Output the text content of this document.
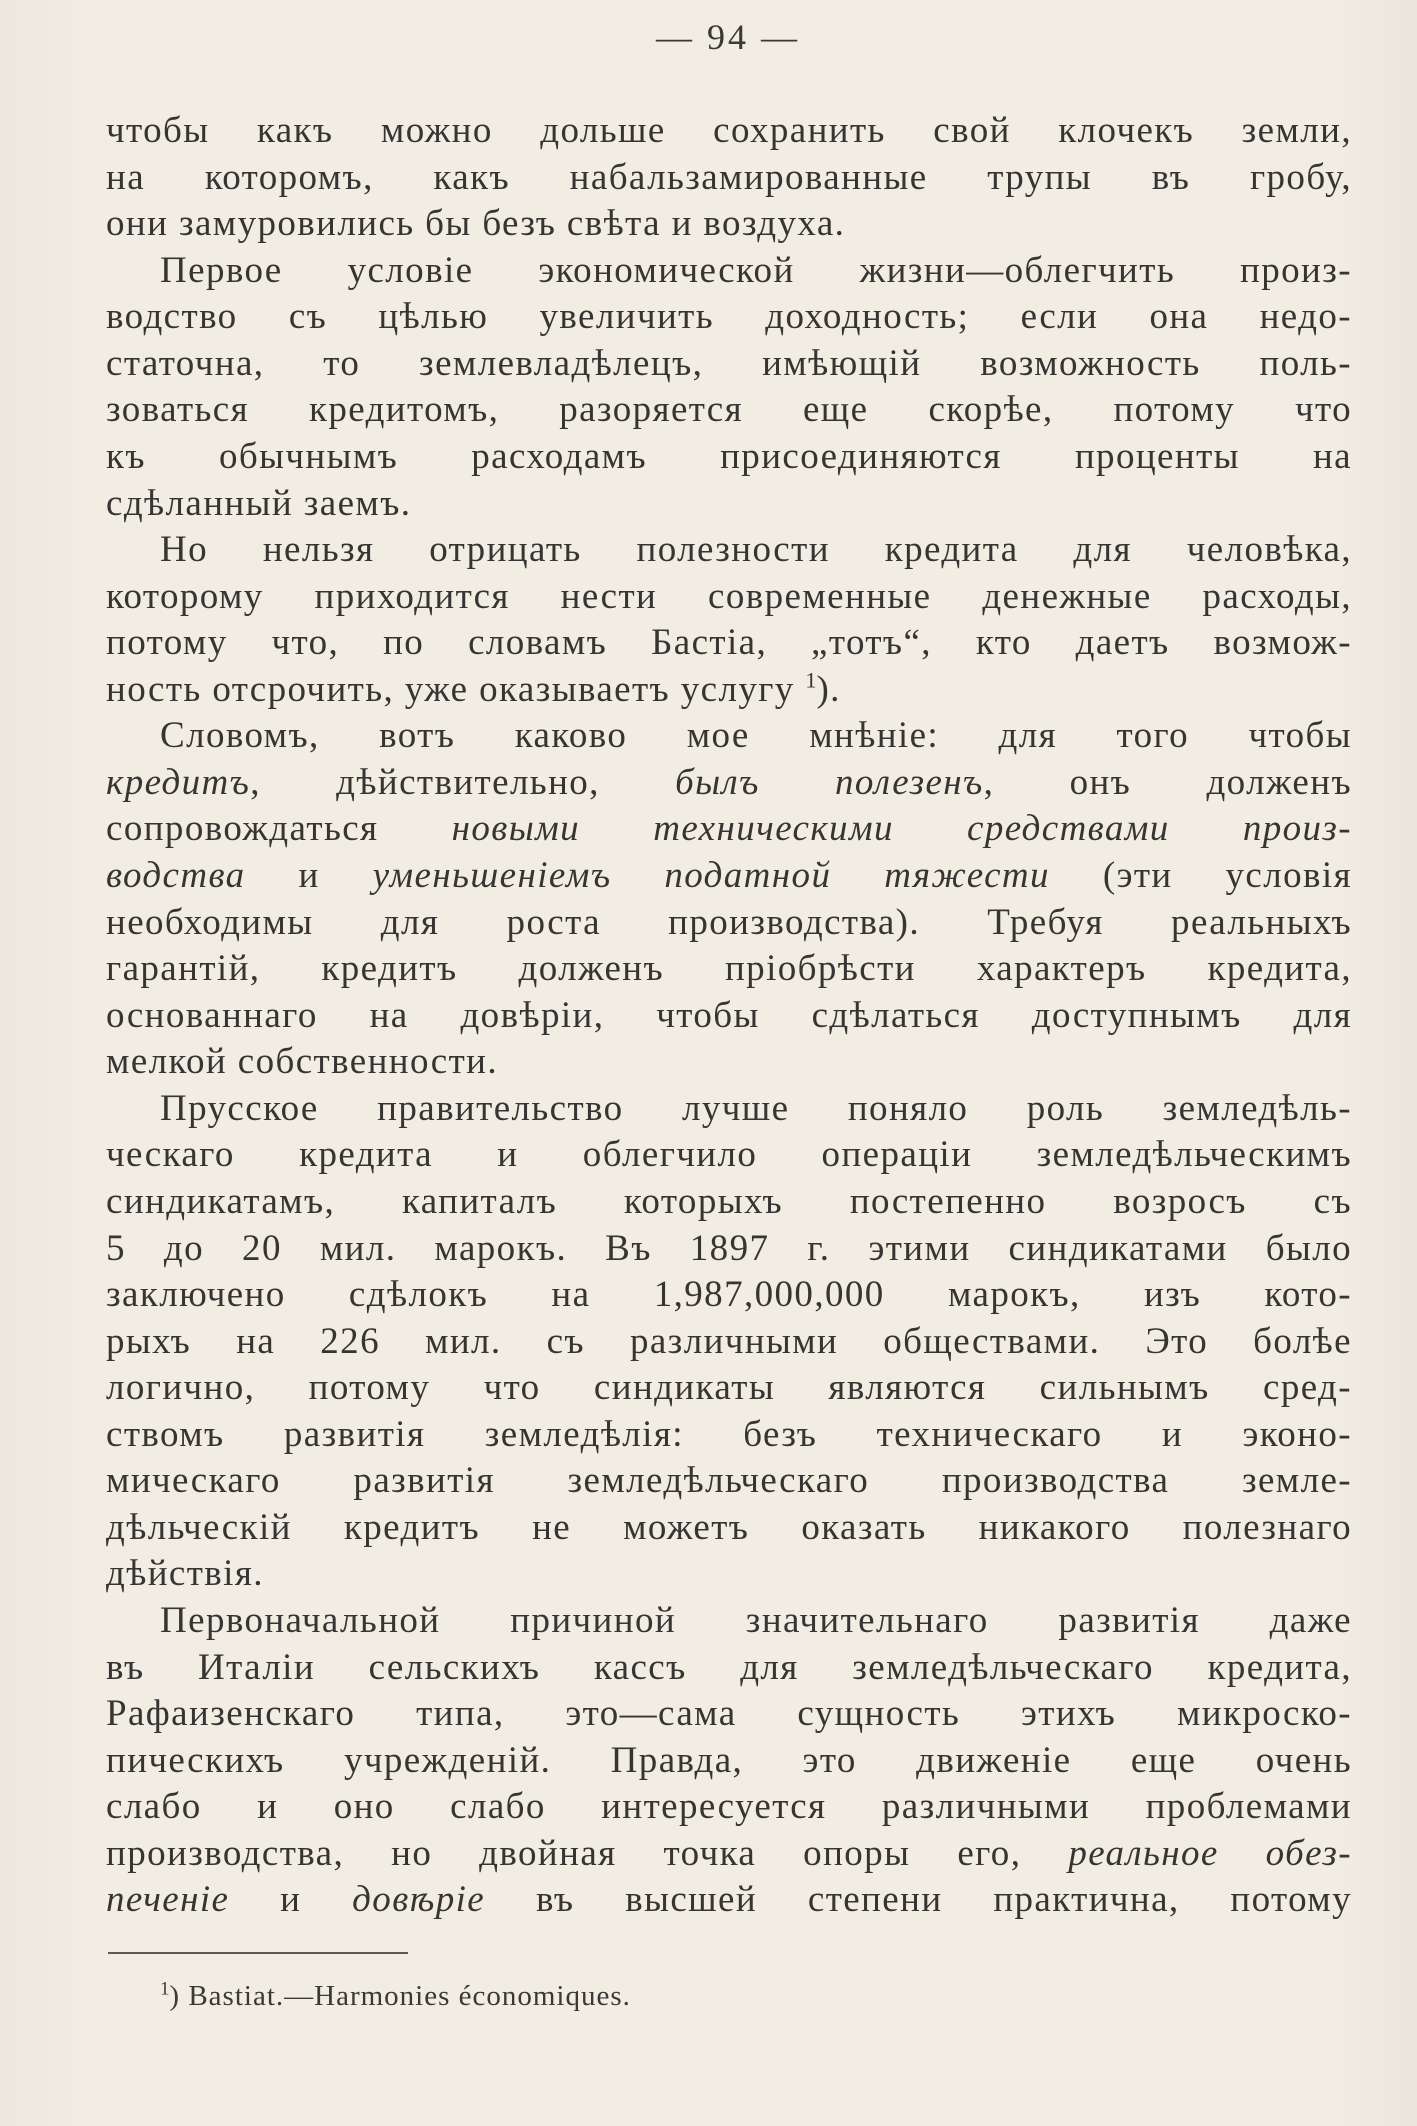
— 94 —
чтобы какъ можно дольше сохранить свой клочекъ земли,
на которомъ, какъ набальзамированные трупы въ гробу,
они замуровились бы безъ свѣта и воздуха.
Первое условіе экономической жизни—облегчить произ-
водство съ цѣлью увеличить доходность; если она недо-
статочна, то землевладѣлецъ, имѣющій возможность поль-
зоваться кредитомъ, разоряется еще скорѣе, потому что
къ обычнымъ расходамъ присоединяются проценты на
сдѣланный заемъ.
Но нельзя отрицать полезности кредита для человѣка,
которому приходится нести современные денежные расходы,
потому что, по словамъ Бастіа, „тотъ“, кто даетъ возмож-
ность отсрочить, уже оказываетъ услугу $^1$).
Словомъ, вотъ каково мое мнѣніе: для того чтобы
кредитъ, дѣйствительно, былъ полезенъ, онъ долженъ
сопровождаться новыми техническими средствами произ-
водства и уменьшеніемъ податной тяжести (эти условія
необходимы для роста производства). Требуя реальныхъ
гарантій, кредитъ долженъ пріобрѣсти характеръ кредита,
основаннаго на довѣріи, чтобы сдѣлаться доступнымъ для
мелкой собственности.
Прусское правительство лучше поняло роль земледѣль-
ческаго кредита и облегчило операціи земледѣльческимъ
синдикатамъ, капиталъ которыхъ постепенно возросъ съ
5 до 20 мил. марокъ. Въ 1897 г. этими синдикатами было
заключено сдѣлокъ на 1,987,000,000 марокъ, изъ кото-
рыхъ на 226 мил. съ различными обществами. Это болѣе
логично, потому что синдикаты являются сильнымъ сред-
ствомъ развитія земледѣлія: безъ техническаго и эконо-
мическаго развитія земледѣльческаго производства земле-
дѣльческій кредитъ не можетъ оказать никакого полезнаго
дѣйствія.
Первоначальной причиной значительнаго развитія даже
въ Италіи сельскихъ кассъ для земледѣльческаго кредита,
Рафаизенскаго типа, это—сама сущность этихъ микроско-
пическихъ учрежденій. Правда, это движеніе еще очень
слабо и оно слабо интересуется различными проблемами
производства, но двойная точка опоры его, реальное обез-
печеніе и довѣріе въ высшей степени практична, потому
$^1$) Bastiat.—Harmonies économiques.
